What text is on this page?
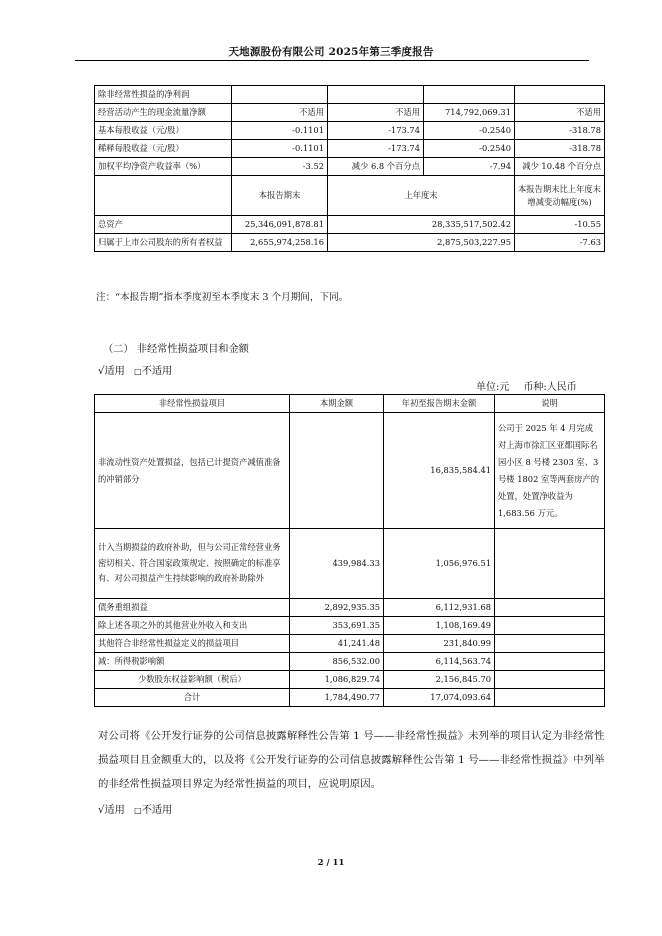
天地源股份有限公司 2025年第三季度报告
除非经常性损益的净利润				
经营活动产生的现金流量净额	不适用	不适用	714,792,069.31	不适用
基本每股收益（元/股）	-0.1101	-173.74	-0.2540	-318.78
稀释每股收益（元/股）	-0.1101	-173.74	-0.2540	-318.78
加权平均净资产收益率（%）	-3.52	减少 6.8 个百分点	-7.94	减少 10.48 个百分点
	本报告期末	上年度末		本报告期末比上年度末增减变动幅度(%)
总资产	25,346,091,878.81	28,335,517,502.42		-10.55
归属于上市公司股东的所有者权益	2,655,974,258.16	2,875,503,227.95		-7.63
注：“本报告期”指本季度初至本季度末 3 个月期间，下同。
（二） 非经常性损益项目和金额
√适用 □不适用
单位:元 币种:人民币
非经常性损益项目	本期金额	年初至报告期末金额	说明
非流动性资产处置损益，包括已计提资产减值准备的冲销部分		16,835,584.41	公司于 2025 年 4 月完成对上海市徐汇区亚都国际名园小区 8 号楼 2303 室、3 号楼 1802 室等两套房产的处置，处置净收益为 1,683.56 万元。
计入当期损益的政府补助，但与公司正常经营业务密切相关、符合国家政策规定、按照确定的标准享有、对公司损益产生持续影响的政府补助除外	439,984.33	1,056,976.51	
债务重组损益	2,892,935.35	6,112,931.68	
除上述各项之外的其他营业外收入和支出	353,691.35	1,108,169.49	
其他符合非经常性损益定义的损益项目	41,241.48	231,840.99	
减：所得税影响额	856,532.00	6,114,563.74	
少数股东权益影响额（税后）	1,086,829.74	2,156,845.70	
合计	1,784,490.77	17,074,093.64	
对公司将《公开发行证券的公司信息披露解释性公告第 1 号——非经常性损益》未列举的项目认定为非经常性损益项目且金额重大的，以及将《公开发行证券的公司信息披露解释性公告第 1 号——非经常性损益》中列举的非经常性损益项目界定为经常性损益的项目，应说明原因。
√适用 □不适用
2 / 11
